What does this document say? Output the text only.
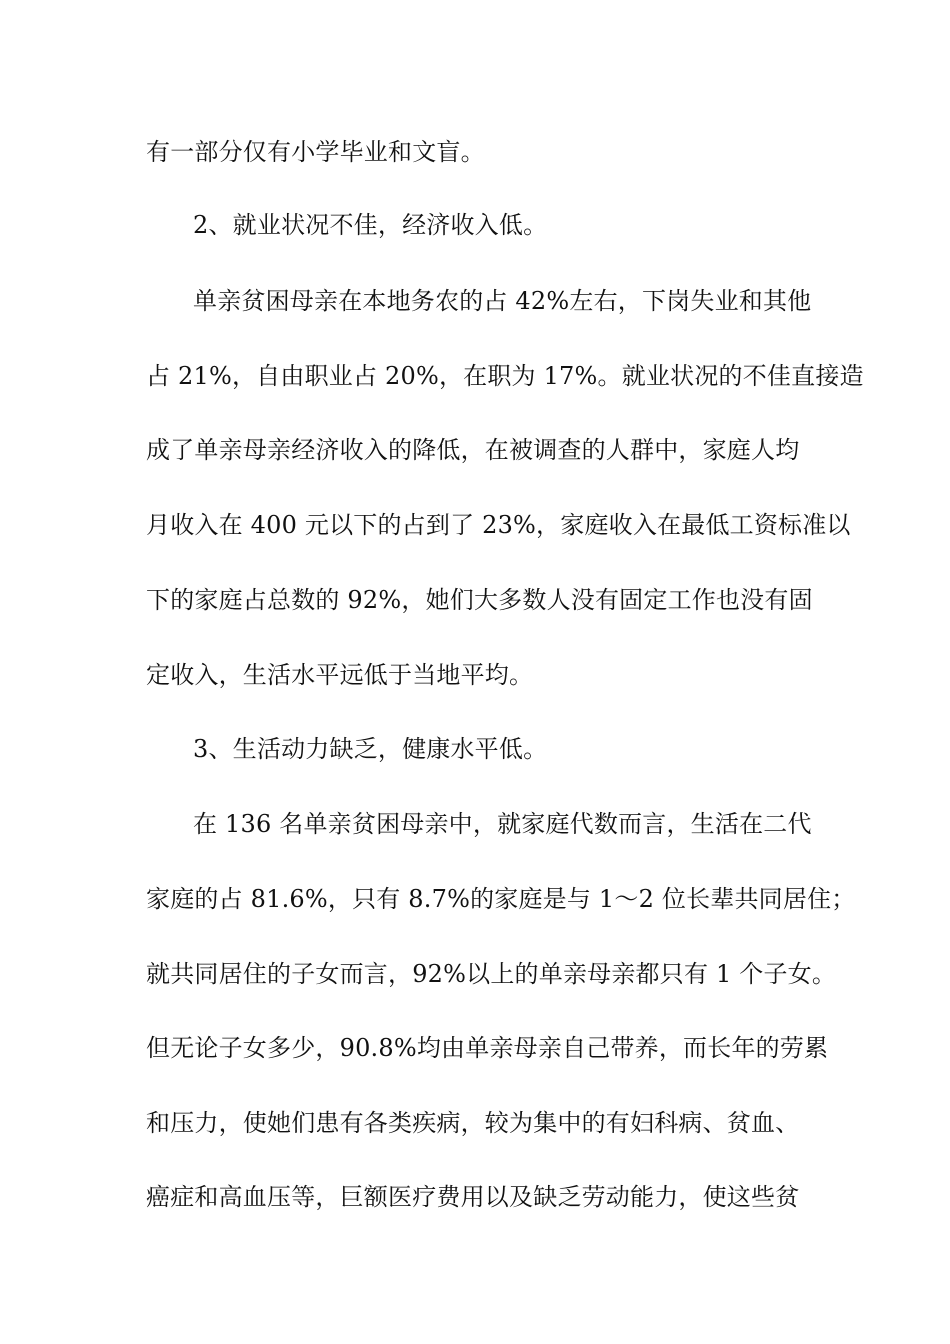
有一部分仅有小学毕业和文盲。
2、就业状况不佳，经济收入低。
单亲贫困母亲在本地务农的占 42%左右，下岗失业和其他
占 21%，自由职业占 20%，在职为 17%。就业状况的不佳直接造
成了单亲母亲经济收入的降低，在被调查的人群中，家庭人均
月收入在 400 元以下的占到了 23%，家庭收入在最低工资标准以
下的家庭占总数的 92%，她们大多数人没有固定工作也没有固
定收入，生活水平远低于当地平均。
3、生活动力缺乏，健康水平低。
在 136 名单亲贫困母亲中，就家庭代数而言，生活在二代
家庭的占 81.6%，只有 8.7%的家庭是与 1～2 位长辈共同居住；
就共同居住的子女而言，92%以上的单亲母亲都只有 1 个子女。
但无论子女多少，90.8%均由单亲母亲自己带养，而长年的劳累
和压力，使她们患有各类疾病，较为集中的有妇科病、贫血、
癌症和高血压等，巨额医疗费用以及缺乏劳动能力，使这些贫
